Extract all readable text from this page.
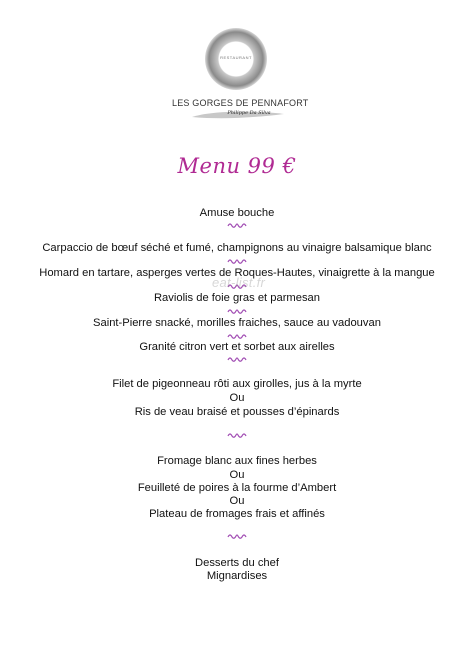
RESTAURANT
LES GORGES DE PENNAFORT
Philippe Da Silva
Menu 99 €
Amuse bouche
Carpaccio de bœuf séché et fumé, champignons au vinaigre balsamique blanc
Homard en tartare, asperges vertes de Roques-Hautes, vinaigrette à la mangue
Raviolis de foie gras et parmesan
Saint-Pierre snacké, morilles fraiches, sauce au vadouvan
Granité citron vert et sorbet aux airelles
Filet de pigeonneau rôti aux girolles, jus à la myrte
Ou
Ris de veau braisé et pousses d’épinards
Fromage blanc aux fines herbes
Ou
Feuilleté de poires à la fourme d’Ambert
Ou
Plateau de fromages frais et affinés
Desserts du chef
Mignardises
eat-list.fr
